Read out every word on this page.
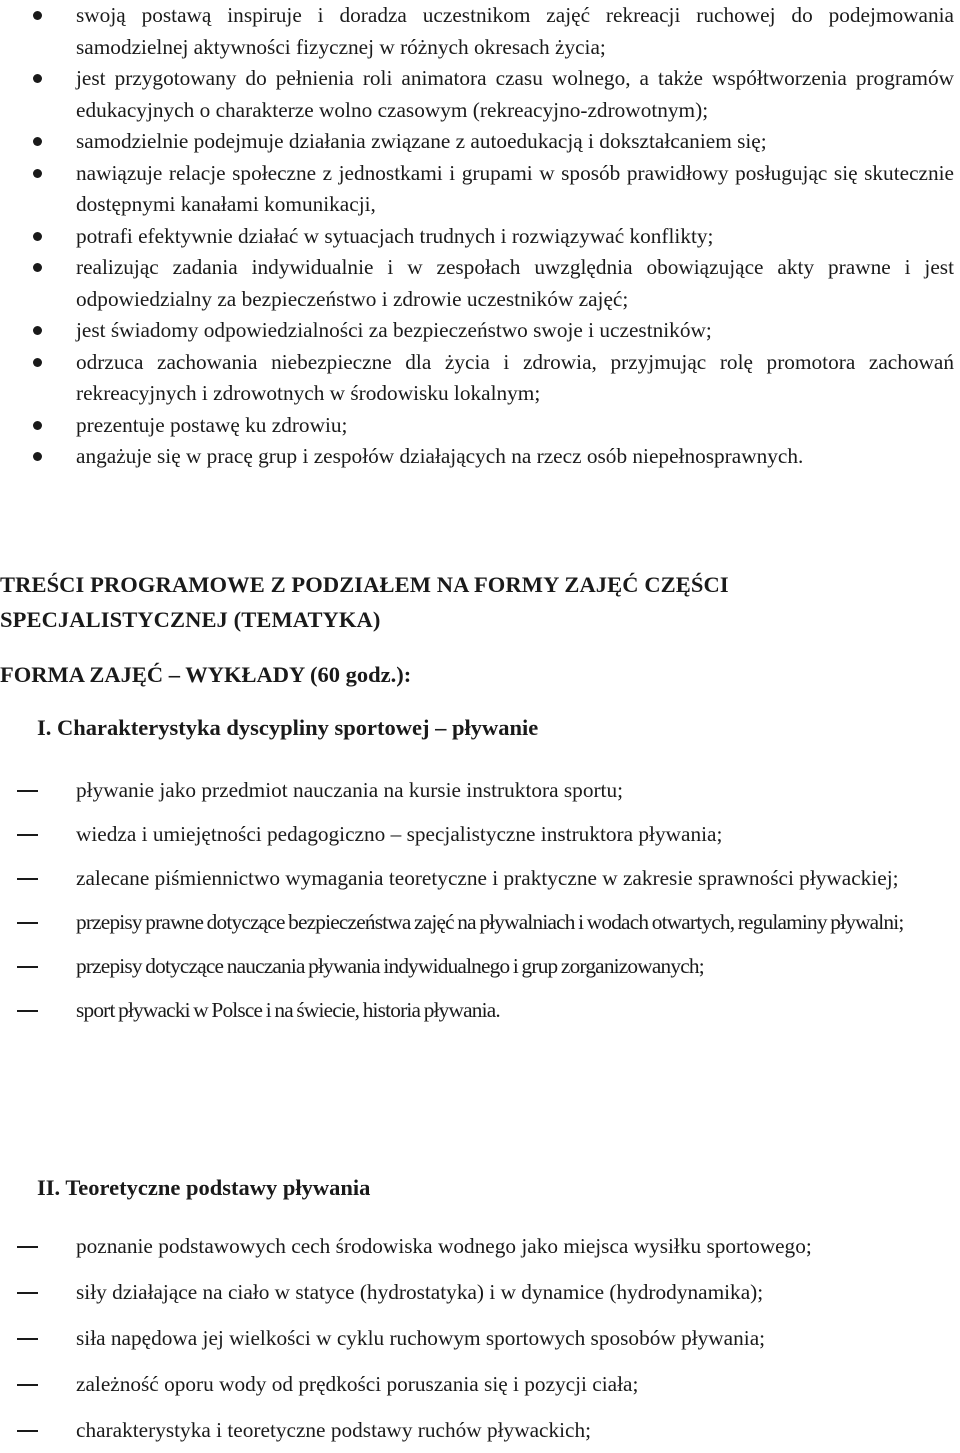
swoją postawą inspiruje i doradza uczestnikom zajęć rekreacji ruchowej do podejmowania samodzielnej aktywności fizycznej w różnych okresach życia;
jest przygotowany do pełnienia roli animatora czasu wolnego, a także współtworzenia programów edukacyjnych o charakterze wolno czasowym (rekreacyjno-zdrowotnym);
samodzielnie podejmuje działania związane z autoedukacją i dokształcaniem się;
nawiązuje relacje społeczne z jednostkami i grupami w sposób prawidłowy posługując się skutecznie dostępnymi kanałami komunikacji,
potrafi efektywnie działać w sytuacjach trudnych i rozwiązywać konflikty;
realizując zadania indywidualnie i w zespołach uwzględnia obowiązujące akty prawne i jest odpowiedzialny za bezpieczeństwo i zdrowie uczestników zajęć;
jest świadomy odpowiedzialności za bezpieczeństwo swoje i uczestników;
odrzuca zachowania niebezpieczne dla życia i zdrowia, przyjmując rolę promotora zachowań rekreacyjnych i zdrowotnych w środowisku lokalnym;
prezentuje postawę ku zdrowiu;
angażuje się w pracę grup i zespołów działających na rzecz osób niepełnosprawnych.
TREŚCI PROGRAMOWE Z PODZIAŁEM NA FORMY ZAJĘĆ CZĘŚCI SPECJALISTYCZNEJ (TEMATYKA)
FORMA ZAJĘĆ – WYKŁADY (60 godz.):
I. Charakterystyka dyscypliny sportowej – pływanie
pływanie jako przedmiot nauczania na kursie instruktora sportu;
wiedza i umiejętności pedagogiczno – specjalistyczne instruktora pływania;
zalecane piśmiennictwo wymagania teoretyczne i praktyczne w zakresie sprawności pływackiej;
przepisy prawne dotyczące bezpieczeństwa zajęć na pływalniach i wodach otwartych, regulaminy pływalni;
przepisy dotyczące nauczania pływania indywidualnego i grup zorganizowanych;
sport pływacki w Polsce i na świecie, historia pływania.
II. Teoretyczne podstawy pływania
poznanie podstawowych cech środowiska wodnego jako miejsca wysiłku sportowego;
siły działające na ciało w statyce (hydrostatyka) i w dynamice (hydrodynamika);
siła napędowa jej wielkości w cyklu ruchowym sportowych sposobów pływania;
zależność oporu wody od prędkości poruszania się i pozycji ciała;
charakterystyka i teoretyczne podstawy ruchów pływackich;
